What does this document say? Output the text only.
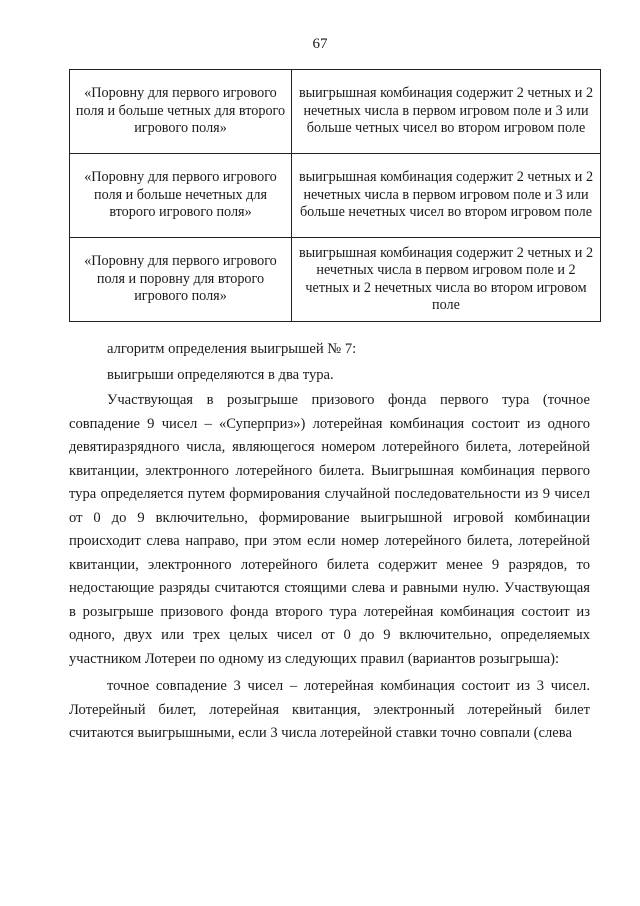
67
«Поровну для первого игрового поля и больше четных для второго игрового поля»	выигрышная комбинация содержит 2 четных и 2 нечетных числа в первом игровом поле и 3 или больше четных чисел во втором игровом поле
«Поровну для первого игрового поля и больше нечетных для второго игрового поля»	выигрышная комбинация содержит 2 четных и 2 нечетных числа в первом игровом поле и 3 или больше нечетных чисел во втором игровом поле
«Поровну для первого игрового поля и поровну для второго игрового поля»	выигрышная комбинация содержит 2 четных и 2 нечетных числа в первом игровом поле и 2 четных и 2 нечетных числа во втором игровом поле

алгоритм определения выигрышей № 7:

выигрыши определяются в два тура.

Участвующая в розыгрыше призового фонда первого тура (точное совпадение 9 чисел – «Суперприз») лотерейная комбинация состоит из одного девятиразрядного числа, являющегося номером лотерейного билета, лотерейной квитанции, электронного лотерейного билета. Выигрышная комбинация первого тура определяется путем формирования случайной последовательности из 9 чисел от 0 до 9 включительно, формирование выигрышной игровой комбинации происходит слева направо, при этом если номер лотерейного билета, лотерейной квитанции, электронного лотерейного билета содержит менее 9 разрядов, то недостающие разряды считаются стоящими слева и равными нулю. Участвующая в розыгрыше призового фонда второго тура лотерейная комбинация состоит из одного, двух или трех целых чисел от 0 до 9 включительно, определяемых участником Лотереи по одному из следующих правил (вариантов розыгрыша):

точное совпадение 3 чисел – лотерейная комбинация состоит из 3 чисел. Лотерейный билет, лотерейная квитанция, электронный лотерейный билет считаются выигрышными, если 3 числа лотерейной ставки точно совпали (слева
